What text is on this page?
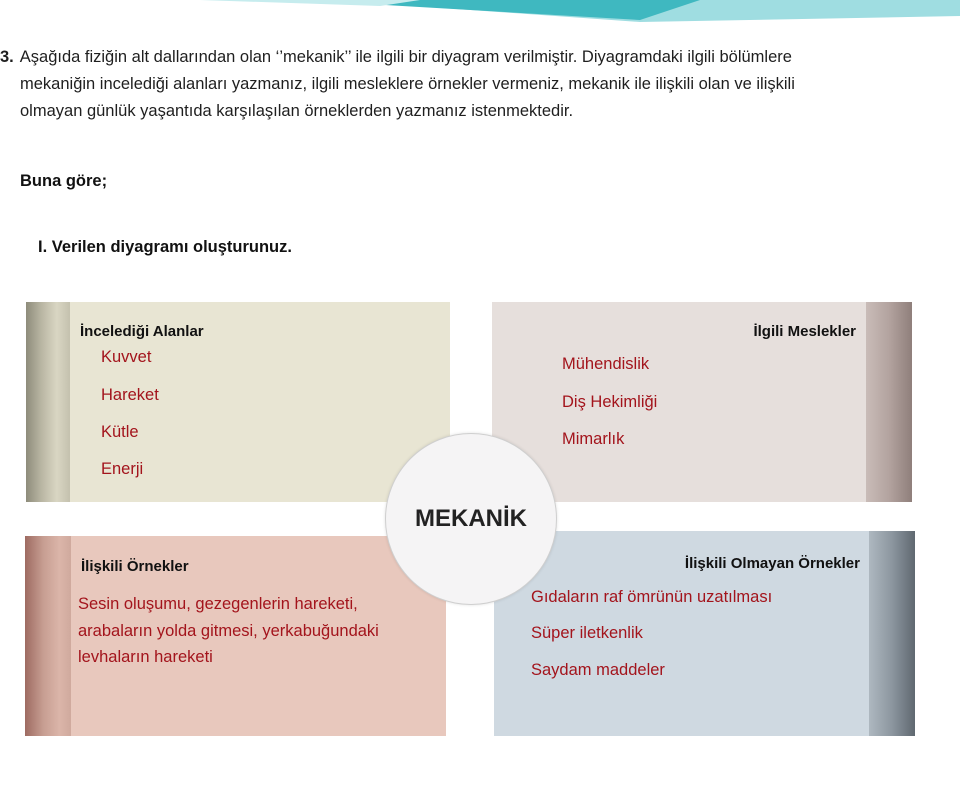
3. Aşağıda fiziğin alt dallarından olan ‘’mekanik’’ ile ilgili bir diyagram verilmiştir. Diyagramdaki ilgili bölümlere
mekaniğin incelediği alanları yazmanız, ilgili mesleklere örnekler vermeniz, mekanik ile ilişkili olan ve ilişkili
olmayan günlük yaşantıda karşılaşılan örneklerden yazmanız istenmektedir.
Buna göre;
I. Verilen diyagramı oluşturunuz.
İncelediği Alanlar
Kuvvet
Hareket
Kütle
Enerji
İlgili Meslekler
Mühendislik
Diş Hekimliği
Mimarlık
İlişkili Örnekler
Sesin oluşumu, gezegenlerin hareketi,
arabaların yolda gitmesi, yerkabuğundaki
levhaların hareketi
İlişkili Olmayan Örnekler
Gıdaların raf ömrünün uzatılması
Süper iletkenlik
Saydam maddeler
MEKANİK
